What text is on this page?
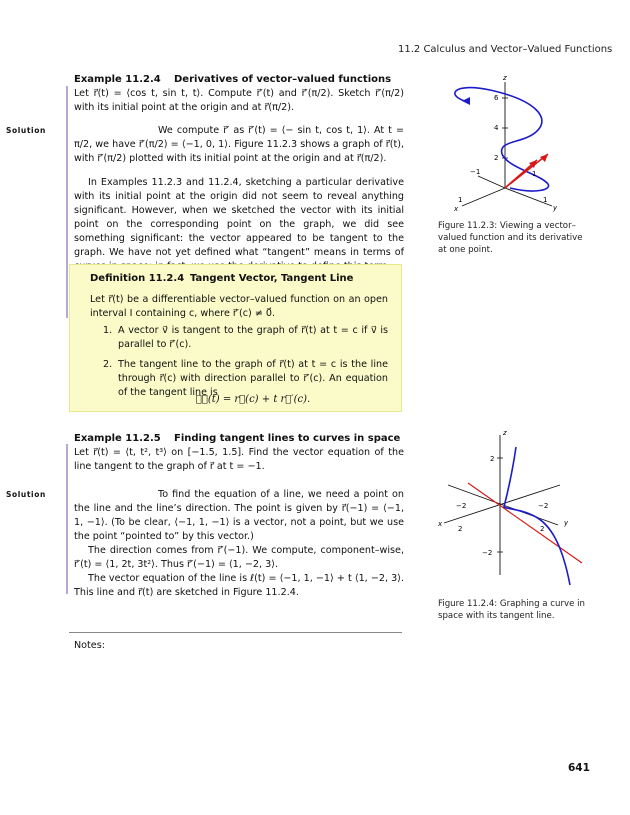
11.2 Calculus and Vector–Valued Functions
Example 11.2.4 Derivatives of vector–valued functions
Let r⃗(t) = ⟨cos t, sin t, t⟩. Compute r⃗′(t) and r⃗′(π/2). Sketch r⃗′(π/2) with its initial point at the origin and at r⃗(π/2).
Solution	We compute r⃗′ as r⃗′(t) = ⟨− sin t, cos t, 1⟩. At t = π/2, we have r⃗′(π/2) = ⟨−1, 0, 1⟩. Figure 11.2.3 shows a graph of r⃗(t), with r⃗′(π/2) plotted with its initial point at the origin and at r⃗(π/2).
In Examples 11.2.3 and 11.2.4, sketching a particular derivative with its initial point at the origin did not seem to reveal anything significant. However, when we sketched the vector with its initial point on the corresponding point on the graph, we did see something significant: the vector appeared to be tangent to the graph. We have not yet defined what “tangent” means in terms of
Definition 11.2.4 Tangent Vector, Tangent Line
Let r⃗(t) be a differentiable vector–valued function on an open interval I containing c, where r⃗′(c) ≠ 0⃗.
1. A vector v⃗ is tangent to the graph of r⃗(t) at t = c if v⃗ is parallel to r⃗′(c).
2. The tangent line to the graph of r⃗(t) at t = c is the line through r⃗(c) with direction parallel to r⃗′(c). An equation of the tangent line is
ℓ⃗(t) = r⃗(c) + t r⃗′(c).
Example 11.2.5 Finding tangent lines to curves in space
Let r⃗(t) = ⟨t, t², t³⟩ on [−1.5, 1.5]. Find the vector equation of the line tangent to the graph of r⃗ at t = −1.
Solution	To find the equation of a line, we need a point on the line and the line’s direction. The point is given by r⃗(−1) = ⟨−1, 1, −1⟩. (To be clear, ⟨−1, 1, −1⟩ is a vector, not a point, but we use the point “pointed to” by this vector.)
The direction comes from r⃗′(−1). We compute, component–wise, r⃗′(t) = ⟨1, 2t, 3t²⟩. Thus r⃗′(−1) = ⟨1, −2, 3⟩.
The vector equation of the line is ℓ(t) = ⟨−1, 1, −1⟩ + t ⟨1, −2, 3⟩. This line and r⃗(t) are sketched in Figure 11.2.4.
z
6
4
2
−1	1
1	1
x	y
Figure 11.2.3: Viewing a vector–valued function and its derivative at one point.
z
2
−2
−2	−2
2	2
x	y
Figure 11.2.4: Graphing a curve in space with its tangent line.
Notes:
641
